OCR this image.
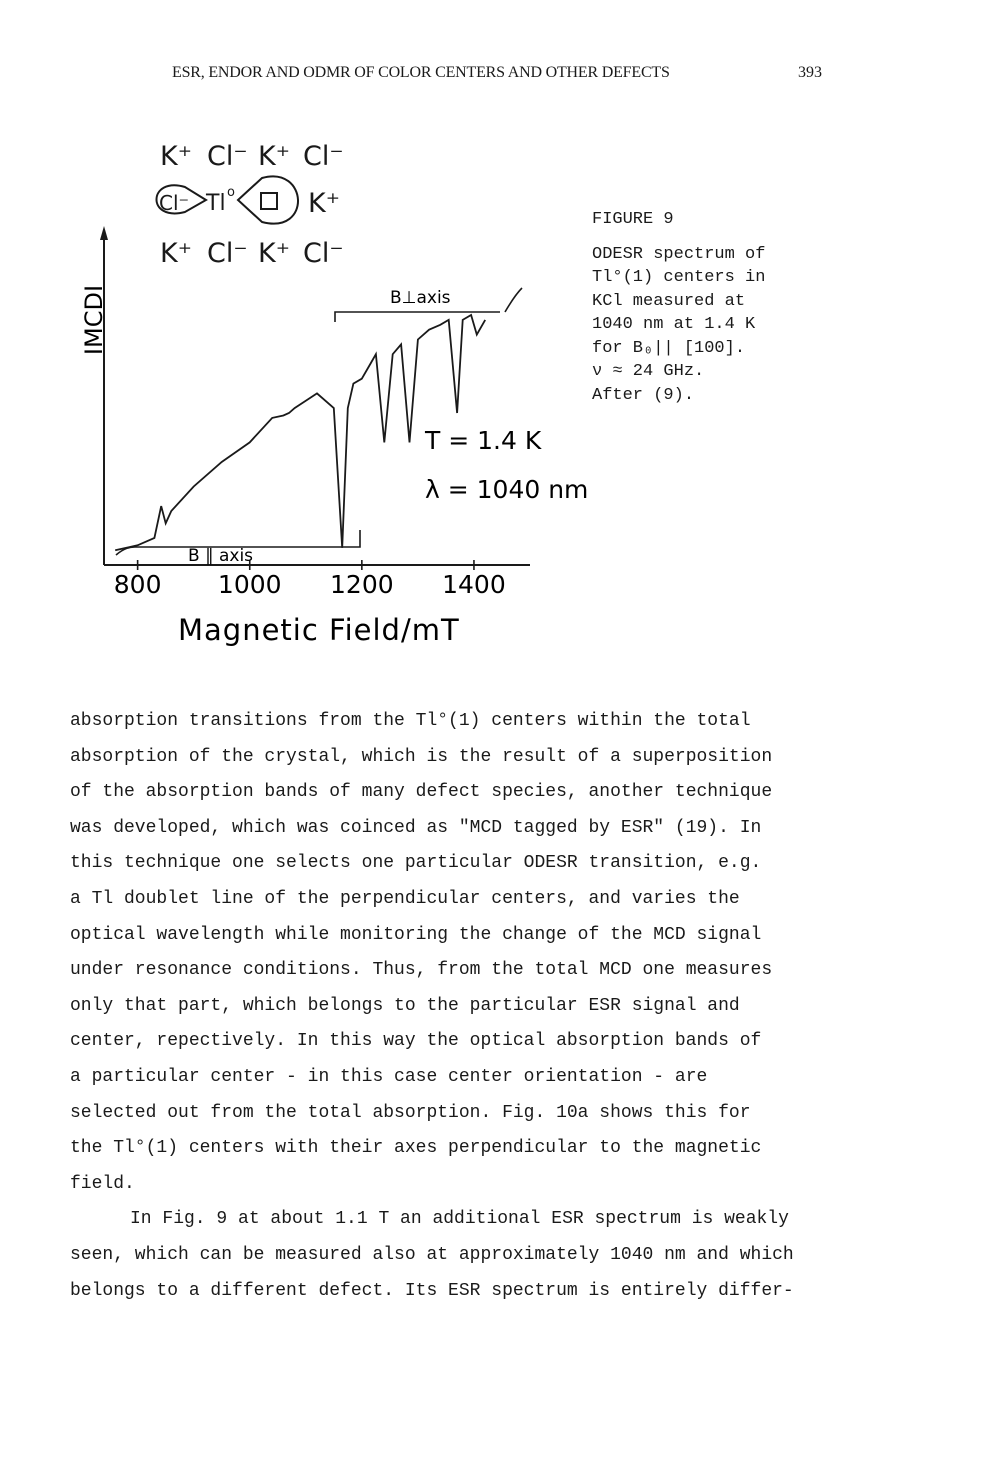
ESR, ENDOR AND ODMR OF COLOR CENTERS AND OTHER DEFECTS	393
K⁺ Cl⁻ K⁺ Cl⁻
Cl⁻ Tl o	K⁺
K⁺ Cl⁻ K⁺ Cl⁻
IMCDI
800 1000 1200 1400
Magnetic Field/mT
B⊥axis
B ∥ axis
T = 1.4 K
λ = 1040 nm
FIGURE 9
ODESR spectrum of
Tl°(1) centers in
KCl measured at
1040 nm at 1.4 K
for B₀|| [100].
ν ≈ 24 GHz.
After (9).
absorption transitions from the Tl°(1) centers within the total
absorption of the crystal, which is the result of a superposition
of the absorption bands of many defect species, another technique
was developed, which was coinced as "MCD tagged by ESR" (19). In
this technique one selects one particular ODESR transition, e.g.
a Tl doublet line of the perpendicular centers, and varies the
optical wavelength while monitoring the change of the MCD signal
under resonance conditions. Thus, from the total MCD one measures
only that part, which belongs to the particular ESR signal and
center, repectively. In this way the optical absorption bands of
a particular center - in this case center orientation - are
selected out from the total absorption. Fig. 10a shows this for
the Tl°(1) centers with their axes perpendicular to the magnetic
field.
In Fig. 9 at about 1.1 T an additional ESR spectrum is weakly
seen, which can be measured also at approximately 1040 nm and which
belongs to a different defect. Its ESR spectrum is entirely differ-
